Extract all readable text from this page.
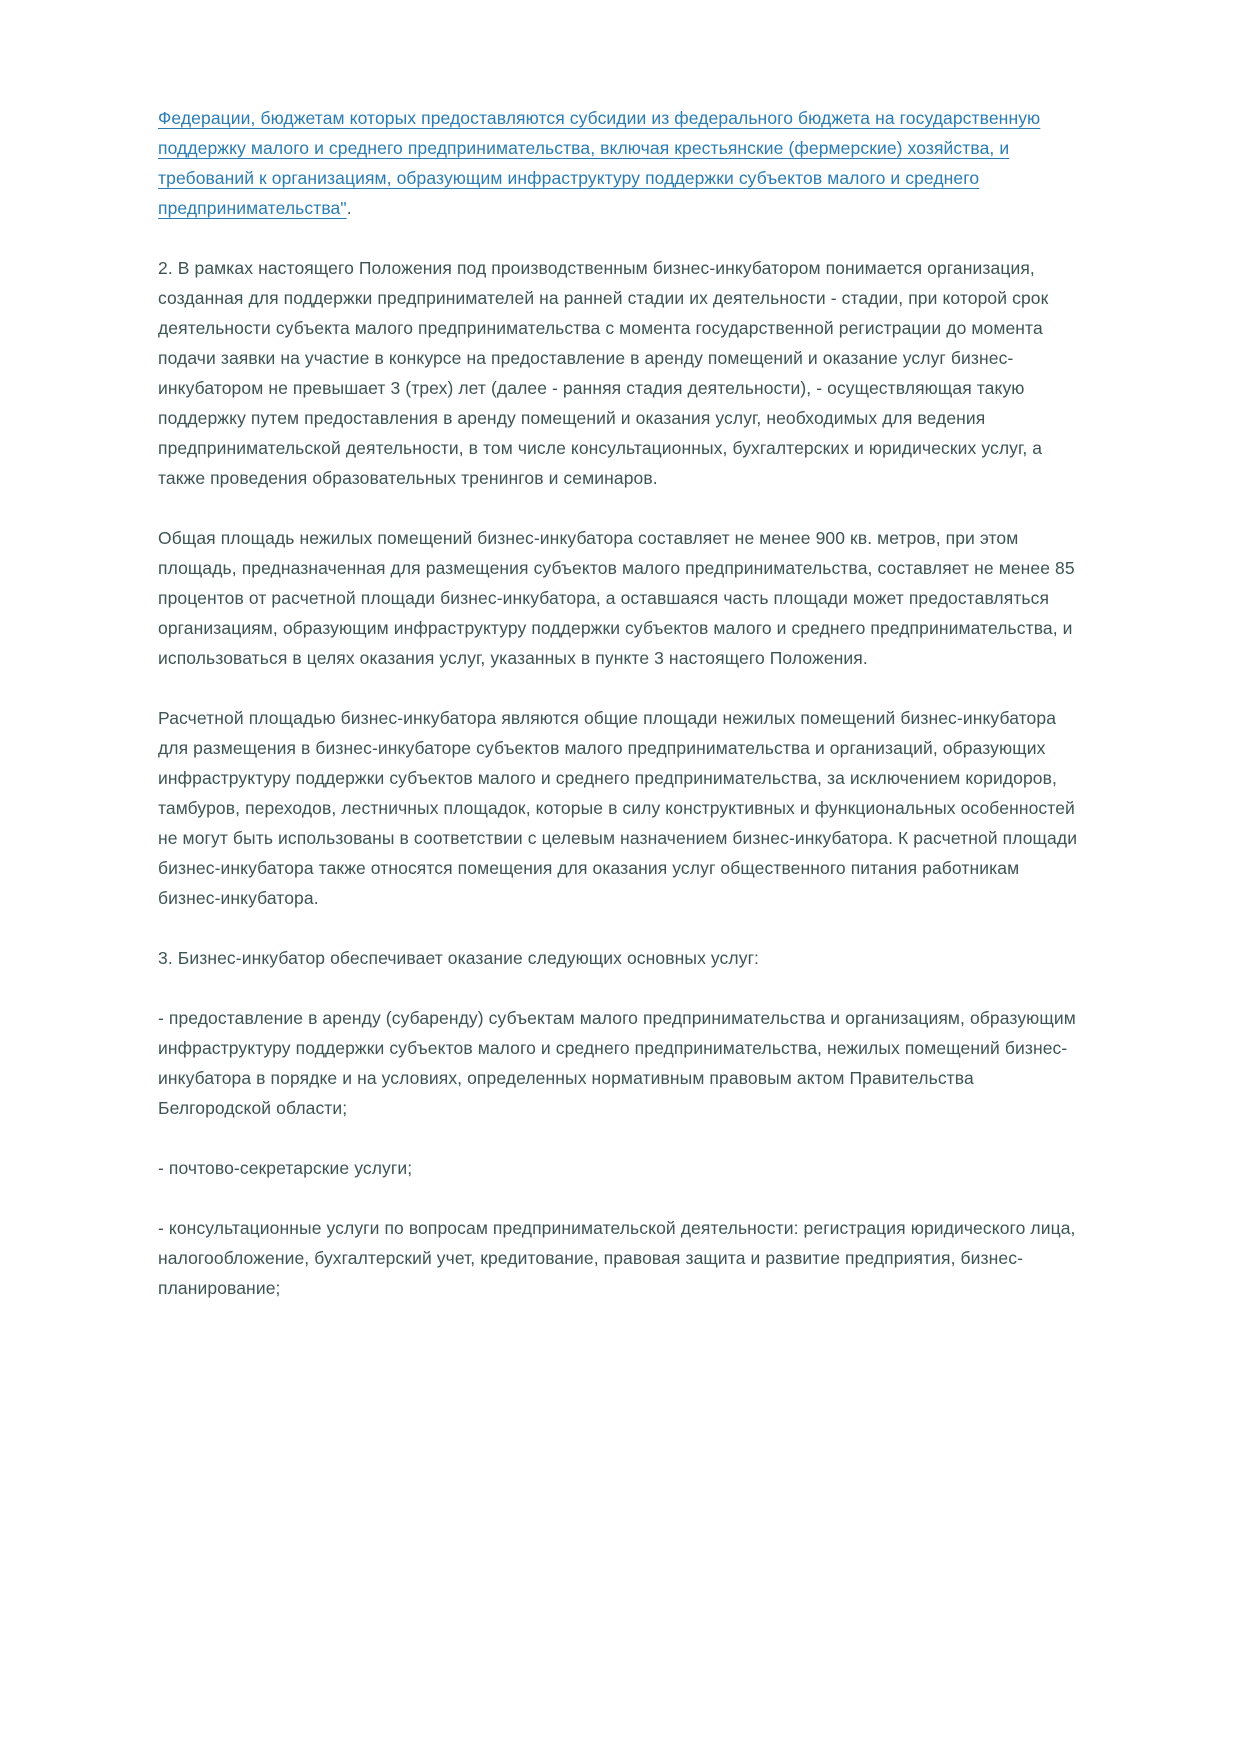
Федерации, бюджетам которых предоставляются субсидии из федерального бюджета на государственную поддержку малого и среднего предпринимательства, включая крестьянские (фермерские) хозяйства, и требований к организациям, образующим инфраструктуру поддержки субъектов малого и среднего предпринимательства".

2. В рамках настоящего Положения под производственным бизнес-инкубатором понимается организация, созданная для поддержки предпринимателей на ранней стадии их деятельности - стадии, при которой срок деятельности субъекта малого предпринимательства с момента государственной регистрации до момента подачи заявки на участие в конкурсе на предоставление в аренду помещений и оказание услуг бизнес-инкубатором не превышает 3 (трех) лет (далее - ранняя стадия деятельности), - осуществляющая такую поддержку путем предоставления в аренду помещений и оказания услуг, необходимых для ведения предпринимательской деятельности, в том числе консультационных, бухгалтерских и юридических услуг, а также проведения образовательных тренингов и семинаров.

Общая площадь нежилых помещений бизнес-инкубатора составляет не менее 900 кв. метров, при этом площадь, предназначенная для размещения субъектов малого предпринимательства, составляет не менее 85 процентов от расчетной площади бизнес-инкубатора, а оставшаяся часть площади может предоставляться организациям, образующим инфраструктуру поддержки субъектов малого и среднего предпринимательства, и использоваться в целях оказания услуг, указанных в пункте 3 настоящего Положения.

Расчетной площадью бизнес-инкубатора являются общие площади нежилых помещений бизнес-инкубатора для размещения в бизнес-инкубаторе субъектов малого предпринимательства и организаций, образующих инфраструктуру поддержки субъектов малого и среднего предпринимательства, за исключением коридоров, тамбуров, переходов, лестничных площадок, которые в силу конструктивных и функциональных особенностей не могут быть использованы в соответствии с целевым назначением бизнес-инкубатора. К расчетной площади бизнес-инкубатора также относятся помещения для оказания услуг общественного питания работникам бизнес-инкубатора.

3. Бизнес-инкубатор обеспечивает оказание следующих основных услуг:

- предоставление в аренду (субаренду) субъектам малого предпринимательства и организациям, образующим инфраструктуру поддержки субъектов малого и среднего предпринимательства, нежилых помещений бизнес-инкубатора в порядке и на условиях, определенных нормативным правовым актом Правительства Белгородской области;

- почтово-секретарские услуги;

- консультационные услуги по вопросам предпринимательской деятельности: регистрация юридического лица, налогообложение, бухгалтерский учет, кредитование, правовая защита и развитие предприятия, бизнес-планирование;
